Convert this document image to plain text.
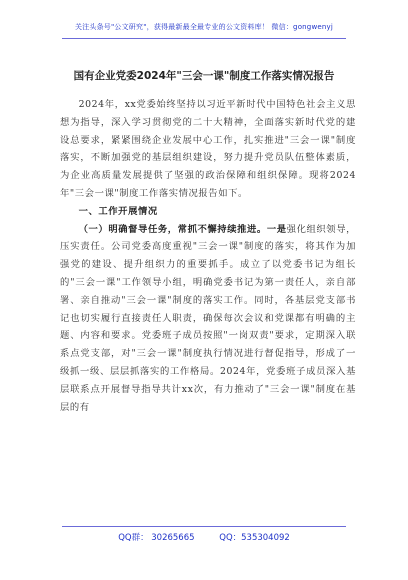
关注头条号"公文研究"，获得最新最全最专业的公文资料库！ 微信：gongwenyj
国有企业党委2024年"三会一课"制度工作落实情况报告

2024年，xx党委始终坚持以习近平新时代中国特色社会主义思想为指导，深入学习贯彻党的二十大精神，全面落实新时代党的建设总要求，紧紧围绕企业发展中心工作，扎实推进"三会一课"制度落实，不断加强党的基层组织建设，努力提升党员队伍整体素质，为企业高质量发展提供了坚强的政治保障和组织保障。现将2024年"三会一课"制度工作落实情况报告如下。

一、工作开展情况

（一）明确督导任务，常抓不懈持续推进。一是强化组织领导，压实责任。公司党委高度重视"三会一课"制度的落实，将其作为加强党的建设、提升组织力的重要抓手。成立了以党委书记为组长的"三会一课"工作领导小组，明确党委书记为第一责任人，亲自部署、亲自推动"三会一课"制度的落实工作。同时，各基层党支部书记也切实履行直接责任人职责，确保每次会议和党课都有明确的主题、内容和要求。党委班子成员按照"一岗双责"要求，定期深入联系点党支部，对"三会一课"制度执行情况进行督促指导，形成了一级抓一级、层层抓落实的工作格局。2024年，党委班子成员深入基层联系点开展督导指导共计xx次，有力推动了"三会一课"制度在基层的有

QQ群： 30265665	QQ：535304092
